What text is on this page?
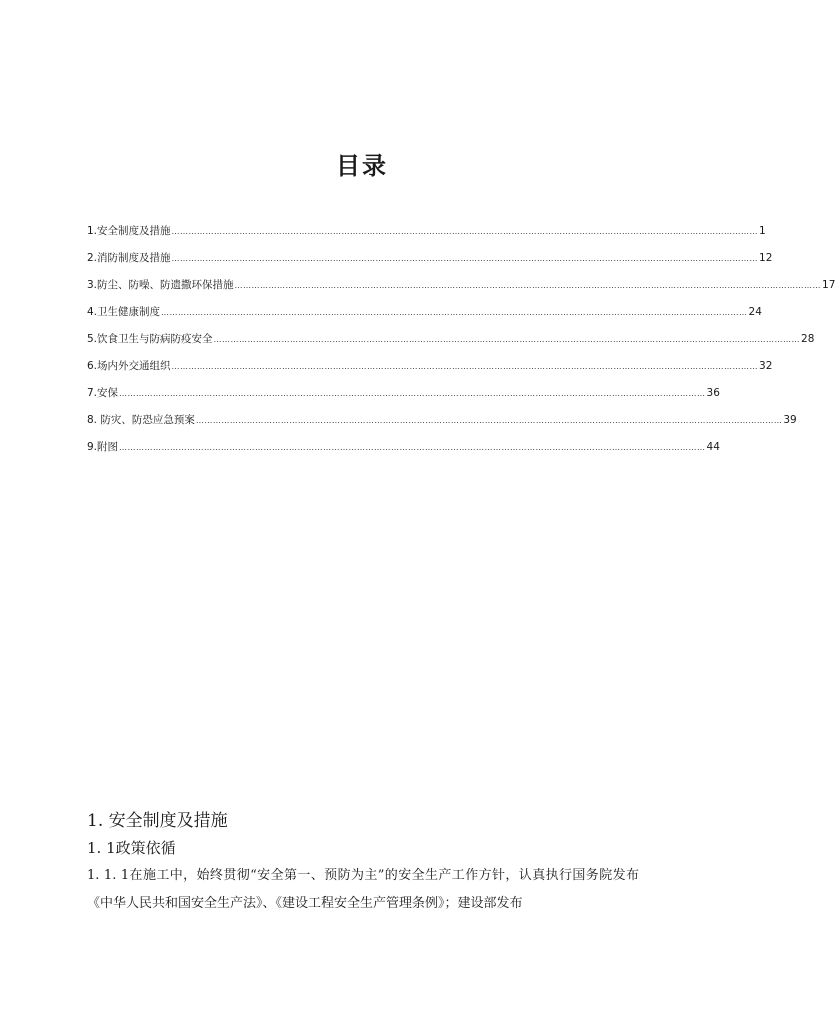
目录
1.安全制度及措施 ……………………………………………………………………………………………………………………………………………………………………………………… 1
2.消防制度及措施 ……………………………………………………………………………………………………………………………………………………………………………………… 12
3.防尘、防噪、防遗撒环保措施 ……………………………………………………………………………………………………………………………………………………………………………………… 17
4.卫生健康制度 ……………………………………………………………………………………………………………………………………………………………………………………… 24
5.饮食卫生与防病防疫安全 ……………………………………………………………………………………………………………………………………………………………………………………… 28
6.场内外交通组织 ……………………………………………………………………………………………………………………………………………………………………………………… 32
7.安保 ……………………………………………………………………………………………………………………………………………………………………………………… 36
8. 防灾、防恐应急预案 ……………………………………………………………………………………………………………………………………………………………………………………… 39
9.附图 ……………………………………………………………………………………………………………………………………………………………………………………… 44
1. 安全制度及措施
1. 1政策依循
1. 1. 1在施工中，始终贯彻“安全第一、预防为主”的安全生产工作方针，认真执行国务院发布《中华人民共和国安全生产法》、《建设工程安全生产管理条例》；建设部发布
